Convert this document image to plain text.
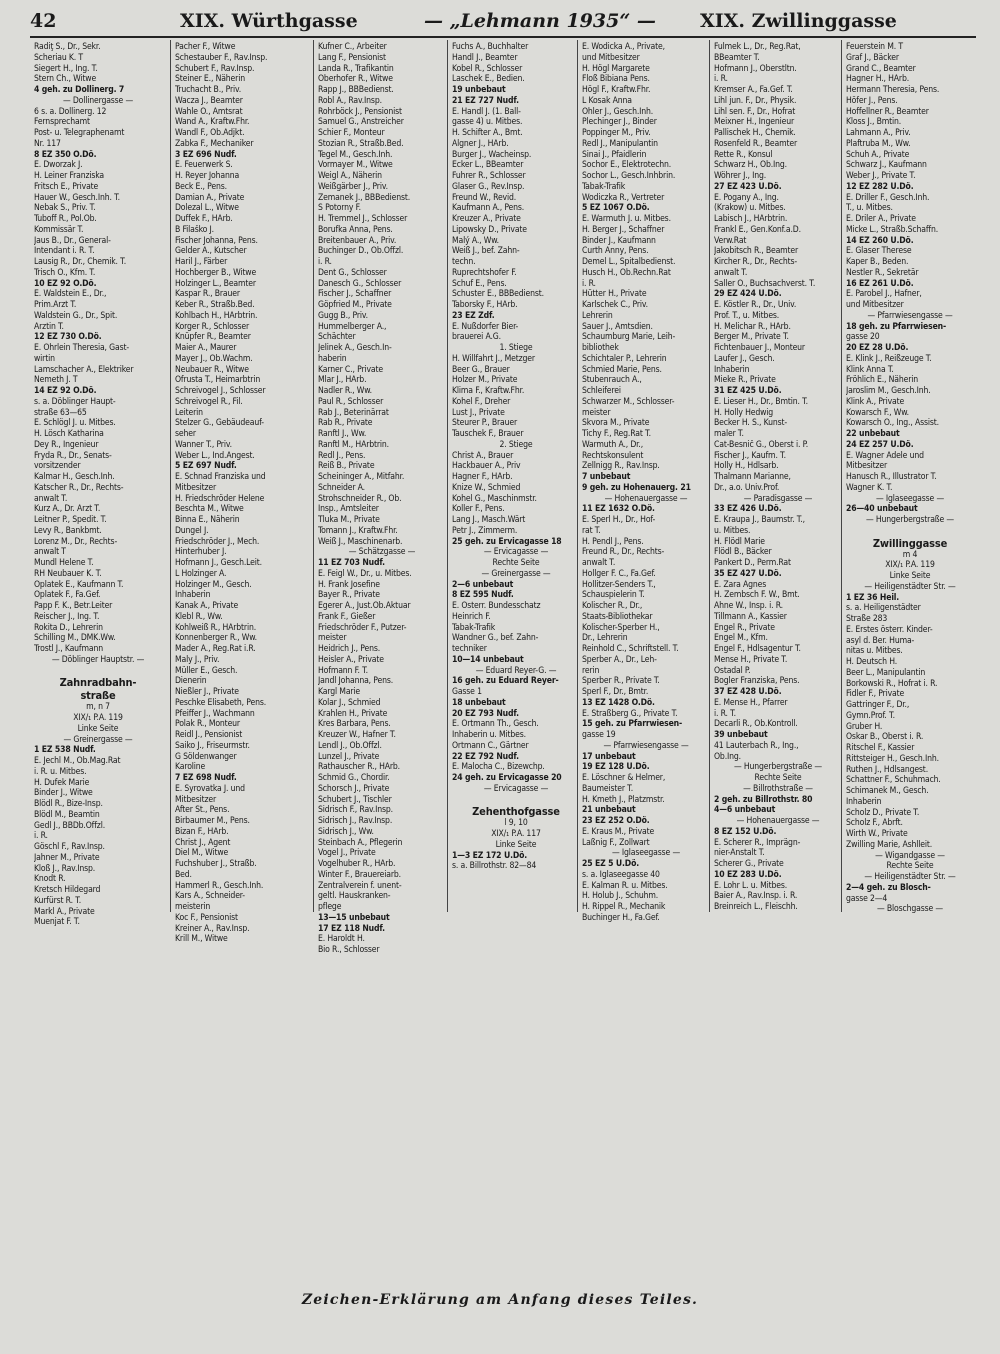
42	XIX. Würthgasse	— „Lehmann 1935“ — XIX. Zwillinggasse
Radiţ S., Dr., Sekr.
Scheriau K. T
Siegert H., Ing. T.
Stern Ch., Witwe
4 geh. zu Dollinerg. 7
— Dollinergasse —
6 s. a. Dollinerg. 12
Fernsprechamt
Post- u. Telegraphenamt
Nr. 117
8 EZ 350 O.Dö.
E. Dworzak J.
H. Leiner Franziska
Fritsch E., Private
Hauer W., Gesch.Inh. T.
Nebak S., Priv. T.
Tuboff R., Pol.Ob.
Kommissär T.
Jaus B., Dr., General-
Intendant i. R. T.
Lausig R., Dr., Chemik. T.
Trisch O., Kfm. T.
10 EZ 92 O.Dö.
E. Waldstein E., Dr.,
Prim.Arzt T.
Waldstein G., Dr., Spit.
Arztin T.
12 EZ 730 O.Dö.
E. Ohrlein Theresia, Gast-
wirtin
Lamschacher A., Elektriker
Nemeth J. T
14 EZ 92 O.Dö.
s. a. Döblinger Haupt-
straße 63—65
E. Schlögl J. u. Mitbes.
H. Lösch Katharina
Dey R., Ingenieur
Fryda R., Dr., Senats-
vorsitzender
Kalmar H., Gesch.Inh.
Katscher R., Dr., Rechts-
anwalt T.
Kurz A., Dr. Arzt T.
Leitner P., Spedit. T.
Levy R., Bankbmt.
Lorenz M., Dr., Rechts-
anwalt T
Mundl Helene T.
RH Neubauer K. T.
Oplatek E., Kaufmann T.
Oplatek F., Fa.Gef.
Papp F. K., Betr.Leiter
Reischer J., Ing. T.
Rokita D., Lehrerin
Schilling M., DMK.Ww.
Trostl J., Kaufmann
— Döblinger Hauptstr. —
Zahnradbahn-
straße
m, n 7
XIX/₁ P.A. 119
Linke Seite
— Greinergasse —
1 EZ 538 Nudf.
E. Jechl M., Ob.Mag.Rat
i. R. u. Mitbes.
H. Dufek Marie
Binder J., Witwe
Blödl R., Bize-Insp.
Blödl M., Beamtin
Gedl J., BBDb.Offzl.
i. R.
Göschl F., Rav.Insp.
Jahner M., Private
Kloß J., Rav.Insp.
Knodt R.
Kretsch Hildegard
Kurfürst R. T.
Markl A., Private
Muenjat F. T.
Pacher F., Witwe
Schestauber F., Rav.Insp.
Schubert F., Rav.Insp.
Steiner E., Näherin
Truchacht B., Priv.
Wacza J., Beamter
Wahle O., Amtsrat
Wand A., Kraftw.Fhr.
Wandl F., Ob.Adjkt.
Zabka F., Mechaniker
3 EZ 696 Nudf.
E. Feuerwerk S.
H. Reyer Johanna
Beck E., Pens.
Damian A., Private
Dolezal L., Witwe
Duffek F., HArb.
B Filaško J.
Fischer Johanna, Pens.
Gelder A., Kutscher
Haril J., Färber
Hochberger B., Witwe
Holzinger L., Beamter
Kaspar R., Brauer
Keber R., Straßb.Bed.
Kohlbach H., HArbtrin.
Korger R., Schlosser
Knüpfer R., Beamter
Maier A., Maurer
Mayer J., Ob.Wachm.
Neubauer R., Witwe
Ofrusta T., Heimarbtrin
Schreivogel J., Schlosser
Schreivogel R., Fil.
Leiterin
Stelzer G., Gebäudeauf-
seher
Wanner T., Priv.
Weber L., Ind.Angest.
5 EZ 697 Nudf.
E. Schnad Franziska und
Mitbesitzer
H. Friedschröder Helene
Beschta M., Witwe
Binna E., Näherin
Dungel J.
Friedschröder J., Mech.
Hinterhuber J.
Hofmann J., Gesch.Leit.
L Holzinger A.
Holzinger M., Gesch.
Inhaberin
Kanak A., Private
Klebl R., Ww.
Kohlweiß R., HArbtrin.
Konnenberger R., Ww.
Mader A., Reg.Rat i.R.
Maly J., Priv.
Müller E., Gesch.
Dienerin
Nießler J., Private
Peschke Elisabeth, Pens.
Pfeiffer J., Wachmann
Polak R., Monteur
Reidl J., Pensionist
Saiko J., Friseurmstr.
G Söldenwanger
Karoline
7 EZ 698 Nudf.
E. Syrovatka J. und
Mitbesitzer
After St., Pens.
Birbaumer M., Pens.
Bizan F., HArb.
Christ J., Agent
Diel M., Witwe
Fuchshuber J., Straßb.
Bed.
Hammerl R., Gesch.Inh.
Kars A., Schneider-
meisterin
Koc F., Pensionist
Kreiner A., Rav.Insp.
Krill M., Witwe
Kufner C., Arbeiter
Lang F., Pensionist
Landa R., Trafikantin
Oberhofer R., Witwe
Rapp J., BBBedienst.
Robl A., Rav.Insp.
Rohrböck J., Pensionist
Samuel G., Anstreicher
Schier F., Monteur
Stozian R., Straßb.Bed.
Tegel M., Gesch.Inh.
Vormayer M., Witwe
Weigl A., Näherin
Weißgärber J., Priv.
Zemanek J., BBBedienst.
S Potorny F.
H. Tremmel J., Schlosser
Borufka Anna, Pens.
Breitenbauer A., Priv.
Buchinger D., Ob.Offzl.
i. R.
Dent G., Schlosser
Danesch G., Schlosser
Fischer J., Schaffner
Göpfried M., Private
Gugg B., Priv.
Hummelberger A.,
Schächter
Jelinek A., Gesch.In-
haberin
Karner C., Private
Mlar J., HArb.
Nadler R., Ww.
Paul R., Schlosser
Rab J., Beterinärrat
Rab R., Private
Ranftl J., Ww.
Ranftl M., HArbtrin.
Redl J., Pens.
Reiß B., Private
Scheininger A., Mitfahr.
Schneider A.
Strohschneider R., Ob.
Insp., Amtsleiter
Tluka M., Private
Tomann J., Kraftw.Fhr.
Weiß J., Maschinenarb.
— Schätzgasse —
11 EZ 703 Nudf.
E. Feigl W., Dr., u. Mitbes.
H. Frank Josefine
Bayer R., Private
Egerer A., Just.Ob.Aktuar
Frank F., Gießer
Friedschröder F., Putzer-
meister
Heidrich J., Pens.
Heisler A., Private
Hofmann F. T.
Jandl Johanna, Pens.
Kargl Marie
Kolar J., Schmied
Krahlen H., Private
Kres Barbara, Pens.
Kreuzer W., Hafner T.
Lendl J., Ob.Offzl.
Lunzel J., Private
Rathauscher R., HArb.
Schmid G., Chordir.
Schorsch J., Private
Schubert J., Tischler
Sidrisch F., Rav.Insp.
Sidrisch J., Rav.Insp.
Sidrisch J., Ww.
Steinbach A., Pflegerin
Vogel J., Private
Vogelhuber R., HArb.
Winter F., Brauereiarb.
Zentralverein f. unent-
geltl. Hauskranken-
pflege
13—15 unbebaut
17 EZ 118 Nudf.
E. Haroldt H.
Bio R., Schlosser
Fuchs A., Buchhalter
Handl J., Beamter
Kobel R., Schlosser
Laschek E., Bedien.
19 unbebaut
21 EZ 727 Nudf.
E. Handl J. (1. Ball-
gasse 4) u. Mitbes.
H. Schifter A., Bmt.
Algner J., HArb.
Burger J., Wacheinsp.
Ecker L., BBeamter
Fuhrer R., Schlosser
Glaser G., Rev.Insp.
Freund W., Revid.
Kaufmann A., Pens.
Kreuzer A., Private
Lipowsky D., Private
Malý A., Ww.
Weiß J., bef. Zahn-
techn.
Ruprechtshofer F.
Schuf E., Pens.
Schuster E., BBBedienst.
Taborsky F., HArb.
23 EZ Zdf.
E. Nußdorfer Bier-
brauerei A.G.
1. Stiege
H. Willfahrt J., Metzger
Beer G., Brauer
Holzer M., Private
Klima F., Kraftw.Fhr.
Kohel F., Dreher
Lust J., Private
Steurer P., Brauer
Tauschek F., Brauer
2. Stiege
Christ A., Brauer
Hackbauer A., Priv
Hagner F., HArb.
Knize W., Schmied
Kohel G., Maschinmstr.
Koller F., Pens.
Lang J., Masch.Wärt
Petr J., Zimmerm.
25 geh. zu Ervicagasse 18
— Ervicagasse —
Rechte Seite
— Greinergasse —
2—6 unbebaut
8 EZ 595 Nudf.
E. Österr. Bundesschatz
Heinrich F.
Tabak-Trafik
Wandner G., bef. Zahn-
techniker
10—14 unbebaut
— Eduard Reyer-G. —
16 geh. zu Eduard Reyer-
Gasse 1
18 unbebaut
20 EZ 793 Nudf.
E. Ortmann Th., Gesch.
Inhaberin u. Mitbes.
Ortmann C., Gärtner
22 EZ 792 Nudf.
E. Malocha C., Bizewchp.
24 geh. zu Ervicagasse 20
— Ervicagasse —
Zehenthofgasse
l 9, 10
XIX/₁ P.A. 117
Linke Seite
1—3 EZ 172 U.Dö.
s. a. Billrothstr. 82—84
E. Wodicka A., Private,
und Mitbesitzer
H. Högl Margarete
Floß Bibiana Pens.
Högl F., Kraftw.Fhr.
L Kosak Anna
Ohler J., Gesch.Inh.
Plechinger J., Binder
Poppinger M., Priv.
Redl J., Manipulantin
Sinai J., Pfaidlerin
Sochor E., Elektrotechn.
Sochor L., Gesch.Inhbrin.
Tabak-Trafik
Wodiczka R., Vertreter
5 EZ 1067 O.Dö.
E. Warmuth J. u. Mitbes.
H. Berger J., Schaffner
Binder J., Kaufmann
Curth Anny, Pens.
Demel L., Spitalbedienst.
Husch H., Ob.Rechn.Rat
i. R.
Hütter H., Private
Karlschek C., Priv.
Lehrerin
Sauer J., Amtsdien.
Schaumburg Marie, Leih-
bibliothek
Schichtaler P., Lehrerin
Schmied Marie, Pens.
Stubenrauch A.,
Schleiferei
Schwarzer M., Schlosser-
meister
Skvora M., Private
Tichy F., Reg.Rat T.
Warmuth A., Dr.,
Rechtskonsulent
Zellnigg R., Rav.Insp.
7 unbebaut
9 geh. zu Hohenauerg. 21
— Hohenauergasse —
11 EZ 1632 O.Dö.
E. Sperl H., Dr., Hof-
rat T.
H. Pendl J., Pens.
Freund R., Dr., Rechts-
anwalt T.
Hollger F. C., Fa.Gef.
Hollitzer-Senders T.,
Schauspielerin T.
Kolischer R., Dr.,
Staats-Bibliothekar
Kolischer-Sperber H.,
Dr., Lehrerin
Reinhold C., Schriftstell. T.
Sperber A., Dr., Leh-
rerin
Sperber R., Private T.
Sperl F., Dr., Bmtr.
13 EZ 1428 O.Dö.
E. Straßberg G., Private T.
15 geh. zu Pfarrwiesen-
gasse 19
— Pfarrwiesengasse —
17 unbebaut
19 EZ 128 U.Dö.
E. Löschner & Helmer,
Baumeister T.
H. Kmeth J., Platzmstr.
21 unbebaut
23 EZ 252 O.Dö.
E. Kraus M., Private
Laßnig F., Zollwart
— Iglaseegasse —
25 EZ 5 U.Dö.
s. a. Iglaseegasse 40
E. Kalman R. u. Mitbes.
H. Holub J., Schuhm.
H. Rippel R., Mechanik
Buchinger H., Fa.Gef.
Fulmek L., Dr., Reg.Rat,
BBeamter T.
Hofmann J., Oberstltn.
i. R.
Kremser A., Fa.Gef. T.
Lihl jun. F., Dr., Physik.
Lihl sen. F., Dr., Hofrat
Meixner H., Ingenieur
Pallischek H., Chemik.
Rosenfeld R., Beamter
Rette R., Konsul
Schwarz H., Ob.Ing.
Wöhrer J., Ing.
27 EZ 423 U.Dö.
E. Pogany A., Ing.
(Krakow) u. Mitbes.
Labisch J., HArbtrin.
Frankl E., Gen.Konf.a.D.
Verw.Rat
Jakobitsch R., Beamter
Kircher R., Dr., Rechts-
anwalt T.
Saller O., Buchsachverst. T.
29 EZ 424 U.Dö.
E. Köstler R., Dr., Univ.
Prof. T., u. Mitbes.
H. Melichar R., HArb.
Berger M., Private T.
Fichtenbauer J., Monteur
Laufer J., Gesch.
Inhaberin
Mieke R., Private
31 EZ 425 U.Dö.
E. Lieser H., Dr., Bmtin. T.
H. Holly Hedwig
Becker H. S., Kunst-
maler T.
Cat-Besnič G., Oberst i. P.
Fischer J., Kaufm. T.
Holly H., Hdlsarb.
Thalmann Marianne,
Dr., a.o. Univ.Prof.
— Paradisgasse —
33 EZ 426 U.Dö.
E. Kraupa J., Baumstr. T.,
u. Mitbes.
H. Flödl Marie
Flödl B., Bäcker
Pankert D., Perm.Rat
35 EZ 427 U.Dö.
E. Zara Agnes
H. Zembsch F. W., Bmt.
Ahne W., Insp. i. R.
Tillmann A., Kassier
Engel R., Private
Engel M., Kfm.
Engel F., Hdlsagentur T.
Mense H., Private T.
Ostadal P.
Bogler Franziska, Pens.
37 EZ 428 U.Dö.
E. Mense H., Pfarrer
i. R. T.
Decarli R., Ob.Kontroll.
39 unbebaut
41 Lauterbach R., Ing.,
Ob.Ing.
— Hungerbergstraße —
Rechte Seite
— Billrothstraße —
2 geh. zu Billrothstr. 80
4—6 unbebaut
— Hohenauergasse —
8 EZ 152 U.Dö.
E. Scherer R., Imprägn-
nier-Anstalt T.
Scherer G., Private
10 EZ 283 U.Dö.
E. Lohr L. u. Mitbes.
Baier A., Rav.Insp. i. R.
Breinreich L., Fleischh.
Feuerstein M. T
Graf J., Bäcker
Grand C., Beamter
Hagner H., HArb.
Hermann Theresia, Pens.
Höfer J., Pens.
Hoffellner R., Beamter
Kloss J., Bmtin.
Lahmann A., Priv.
Plaftruba M., Ww.
Schuh A., Private
Schwarz J., Kaufmann
Weber J., Private T.
12 EZ 282 U.Dö.
E. Driller F., Gesch.Inh.
T., u. Mitbes.
E. Driler A., Private
Micke L., Straßb.Schaffn.
14 EZ 260 U.Dö.
E. Glaser Therese
Kaper B., Beden.
Nestler R., Sekretär
16 EZ 261 U.Dö.
E. Parobel J., Hafner,
und Mitbesitzer
— Pfarrwiesengasse —
18 geh. zu Pfarrwiesen-
gasse 20
20 EZ 28 U.Dö.
E. Klink J., Reißzeuge T.
Klink Anna T.
Fröhlich E., Näherin
Jaroslim M., Gesch.Inh.
Klink A., Private
Kowarsch F., Ww.
Kowarsch O., Ing., Assist.
22 unbebaut
24 EZ 257 U.Dö.
E. Wagner Adele und
Mitbesitzer
Hanusch R., Illustrator T.
Wagner K. T.
— Iglaseegasse —
26—40 unbebaut
— Hungerbergstraße —
Zwillinggasse
m 4
XIX/₁ P.A. 119
Linke Seite
— Heiligenstädter Str. —
1 EZ 36 Heil.
s. a. Heiligenstädter
Straße 283
E. Erstes österr. Kinder-
asyl d. Ber. Huma-
nitas u. Mitbes.
H. Deutsch H.
Beer L., Manipulantin
Borkowski R., Hofrat i. R.
Fidler F., Private
Gattringer F., Dr.,
Gymn.Prof. T.
Gruber H.
Oskar B., Oberst i. R.
Ritschel F., Kassier
Rittsteiger H., Gesch.Inh.
Ruthen J., Hdlsangest.
Schattner F., Schuhmach.
Schimanek M., Gesch.
Inhaberin
Scholz D., Private T.
Scholz F., Abrft.
Wirth W., Private
Zwilling Marie, Ashlleit.
— Wigandgasse —
Rechte Seite
— Heiligenstädter Str. —
2—4 geh. zu Blosch-
gasse 2—4
— Bloschgasse —
Zeichen-Erklärung am Anfang dieses Teiles.
